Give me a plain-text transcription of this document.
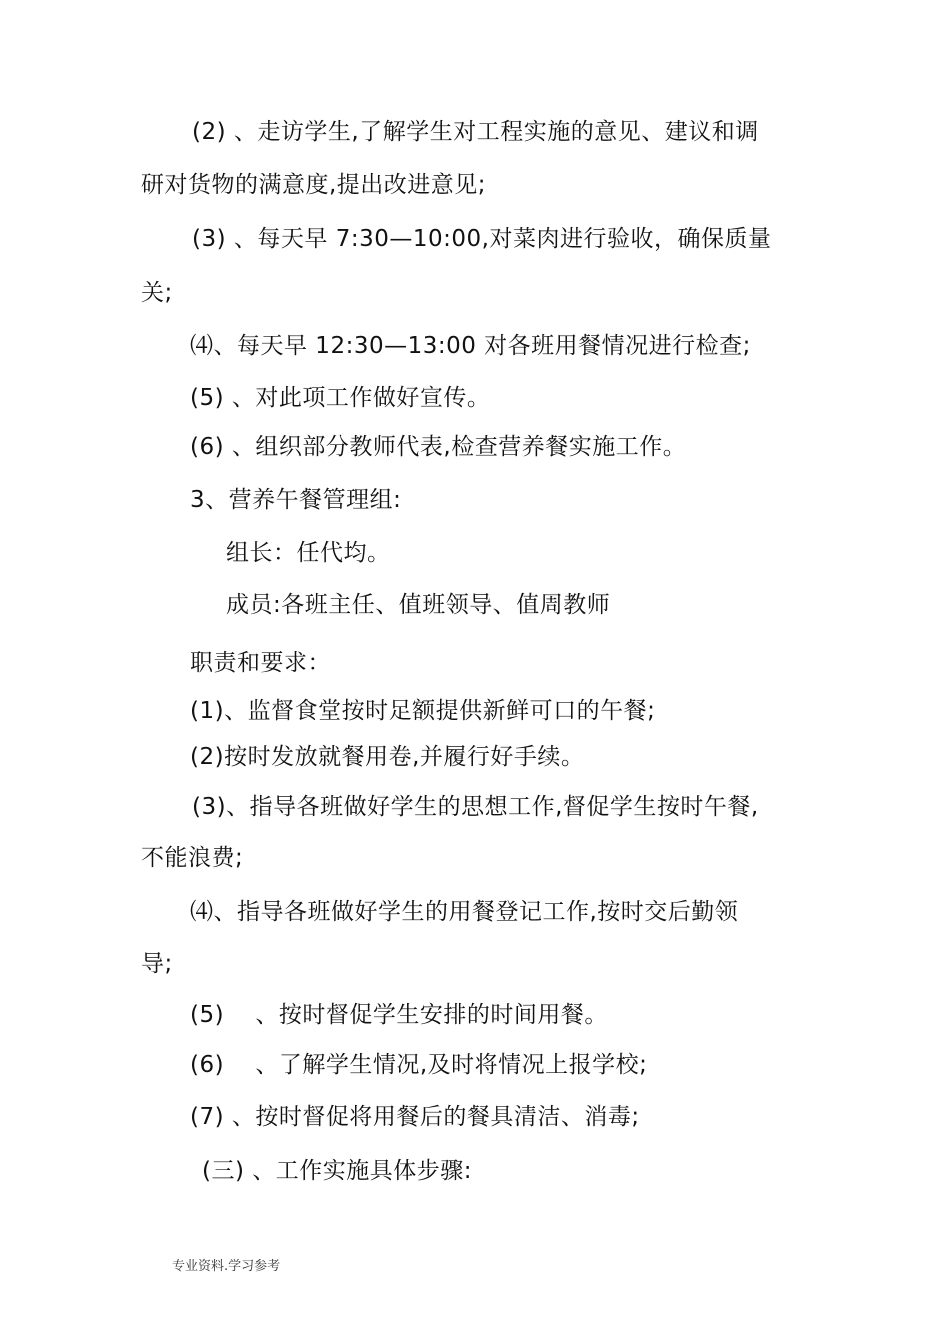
(2) 、走访学生,了解学生对工程实施的意见、建议和调
研对货物的满意度,提出改进意见;
(3) 、每天早 7:30—10:00,对菜肉进行验收，确保质量
关;
⑷、每天早 12:30—13:00 对各班用餐情况进行检查;
(5) 、对此项工作做好宣传。
(6) 、组织部分教师代表,检查营养餐实施工作。
3、营养午餐管理组:
组长：任代均。
成员:各班主任、值班领导、值周教师
职责和要求：
(1)、监督食堂按时足额提供新鲜可口的午餐;
(2)按时发放就餐用卷,并履行好手续。
(3)、指导各班做好学生的思想工作,督促学生按时午餐,
不能浪费;
⑷、指导各班做好学生的用餐登记工作,按时交后勤领
导;
(5)    、按时督促学生安排的时间用餐。
(6)    、了解学生情况,及时将情况上报学校;
(7) 、按时督促将用餐后的餐具清洁、消毒;
(三) 、工作实施具体步骤:
专业资料.学习参考
